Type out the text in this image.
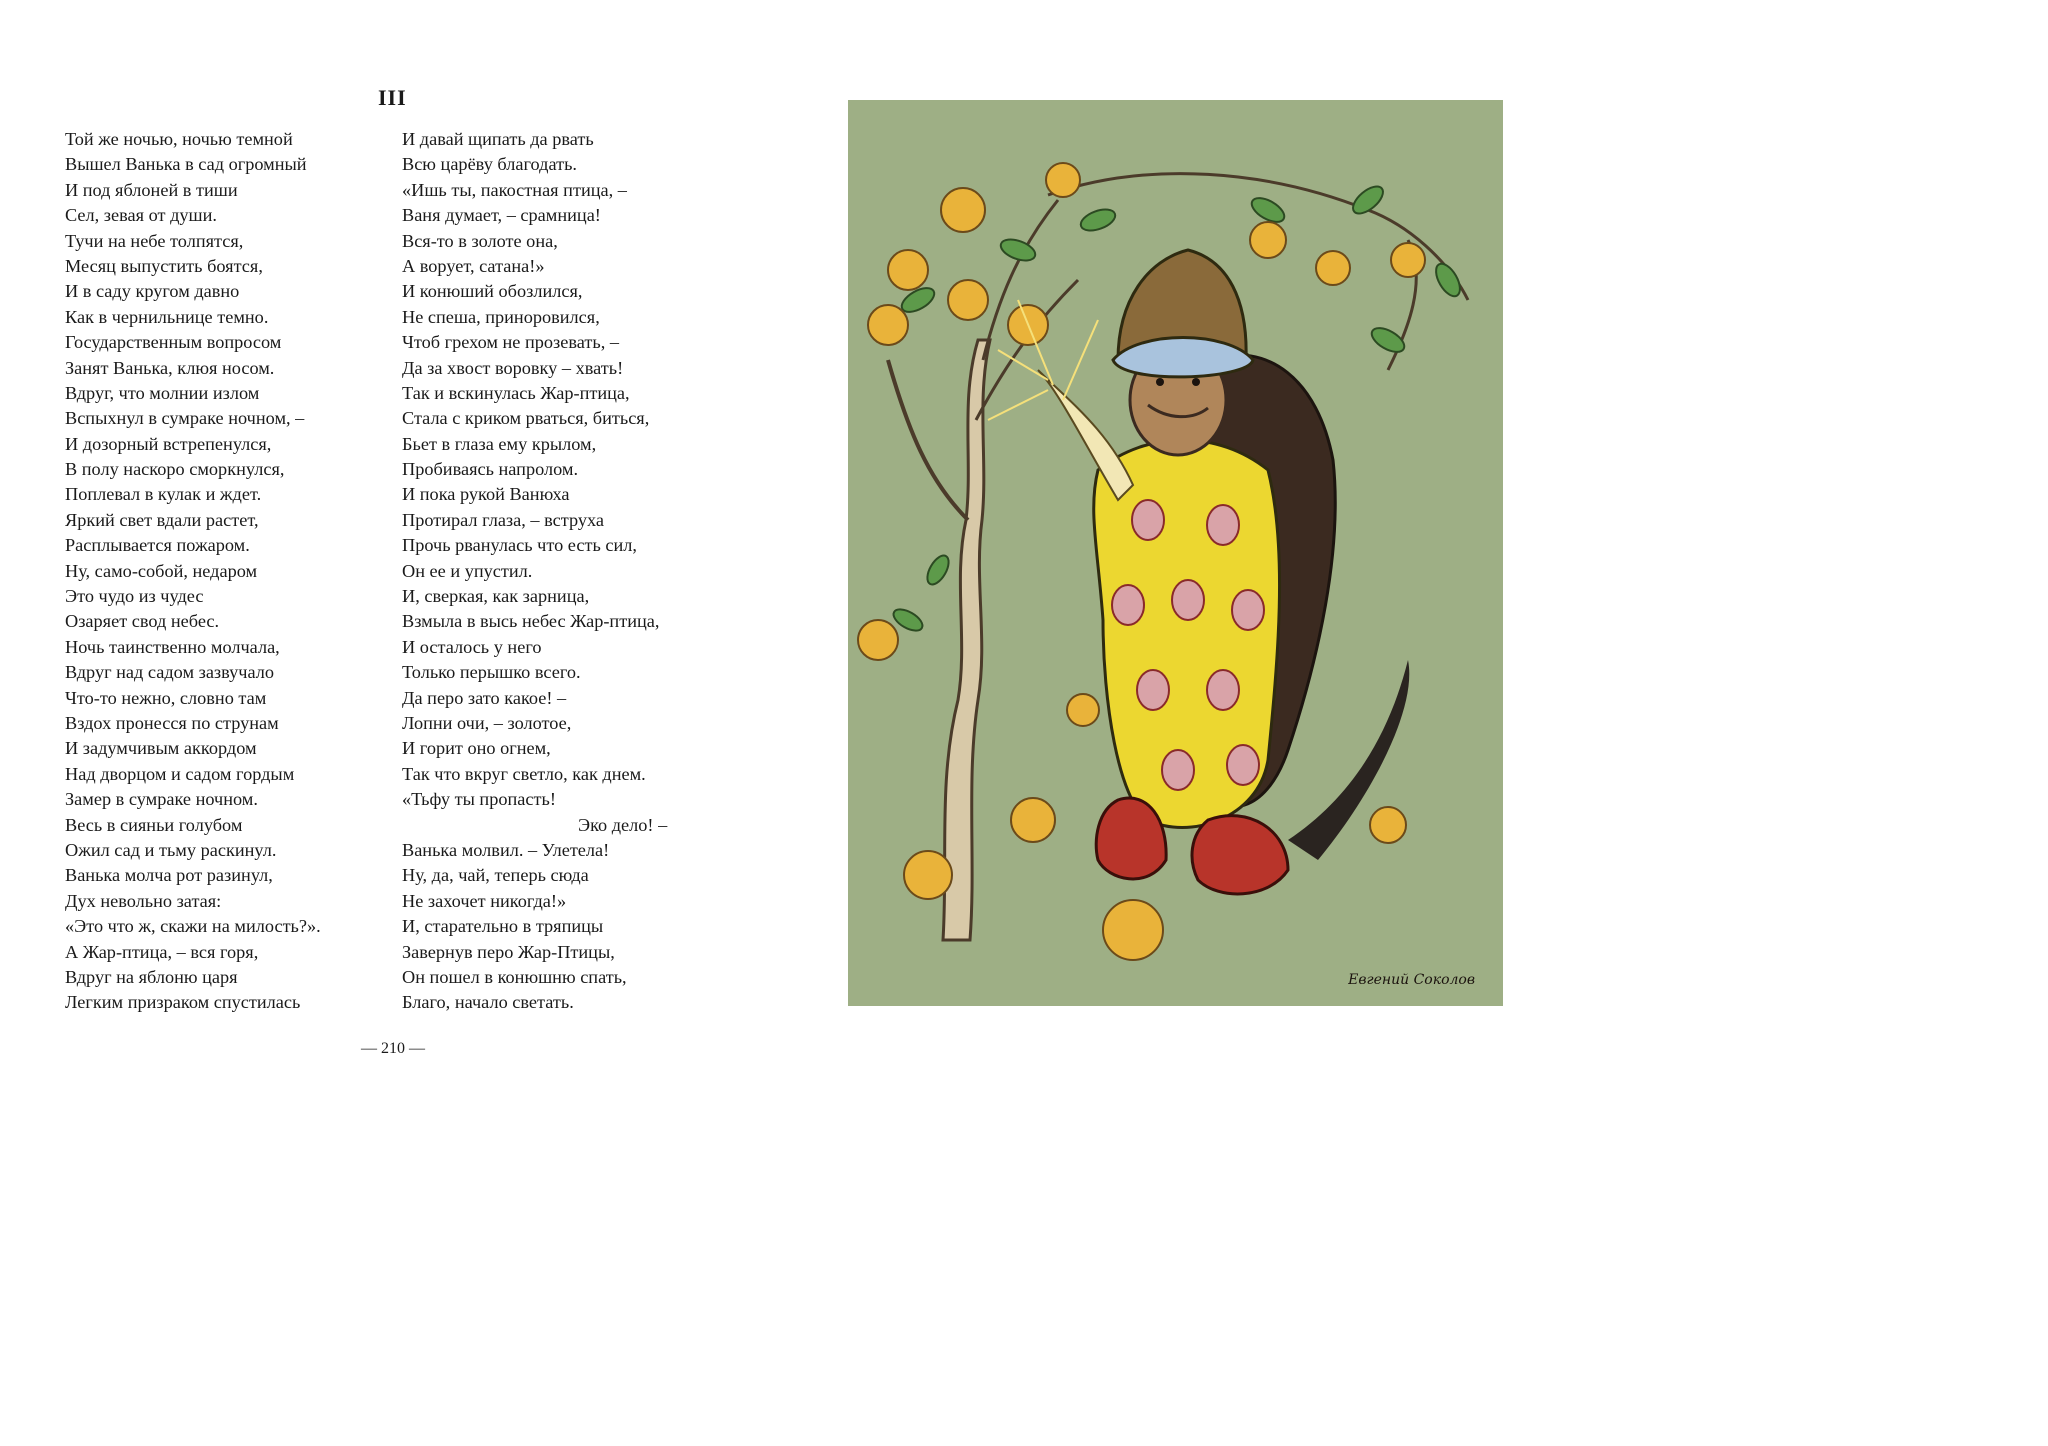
III
Той же ночью, ночью темной
Вышел Ванька в сад огромный
И под яблоней в тиши
Сел, зевая от души.
Тучи на небе толпятся,
Месяц выпустить боятся,
И в саду кругом давно
Как в чернильнице темно.
Государственным вопросом
Занят Ванька, клюя носом.
Вдруг, что молнии излом
Вспыхнул в сумраке ночном, –
И дозорный встрепенулся,
В полу наскоро сморкнулся,
Поплевал в кулак и ждет.
Яркий свет вдали растет,
Расплывается пожаром.
Ну, само-собой, недаром
Это чудо из чудес
Озаряет свод небес.
Ночь таинственно молчала,
Вдруг над садом зазвучало
Что-то нежно, словно там
Вздох пронесся по струнам
И задумчивым аккордом
Над дворцом и садом гордым
Замер в сумраке ночном.
Весь в сияньи голубом
Ожил сад и тьму раскинул.
Ванька молча рот разинул,
Дух невольно затая:
«Это что ж, скажи на милость?».
А Жар-птица, – вся горя,
Вдруг на яблоню царя
Легким призраком спустилась
И давай щипать да рвать
Всю царёву благодать.
«Ишь ты, пакостная птица, –
Ваня думает, – срамница!
Вся-то в золоте она,
А ворует, сатана!»
И конюший обозлился,
Не спеша, приноровился,
Чтоб грехом не прозевать, –
Да за хвост воровку – хвать!
Так и вскинулась Жар-птица,
Стала с криком рваться, биться,
Бьет в глаза ему крылом,
Пробиваясь напролом.
И пока рукой Ванюха
Протирал глаза, – вструха
Прочь рванулась что есть сил,
Он ее и упустил.
И, сверкая, как зарница,
Взмыла в высь небес Жар-птица,
И осталось у него
Только перышко всего.
Да перо зато какое! –
Лопни очи, – золотое,
И горит оно огнем,
Так что вкруг светло, как днем.
«Тьфу ты пропасть!
Эко дело! –
Ванька молвил. – Улетела!
Ну, да, чай, теперь сюда
Не захочет никогда!»
И, старательно в тряпицы
Завернув перо Жар-Птицы,
Он пошел в конюшню спать,
Благо, начало светать.
— 210 —
Евгений Соколов
